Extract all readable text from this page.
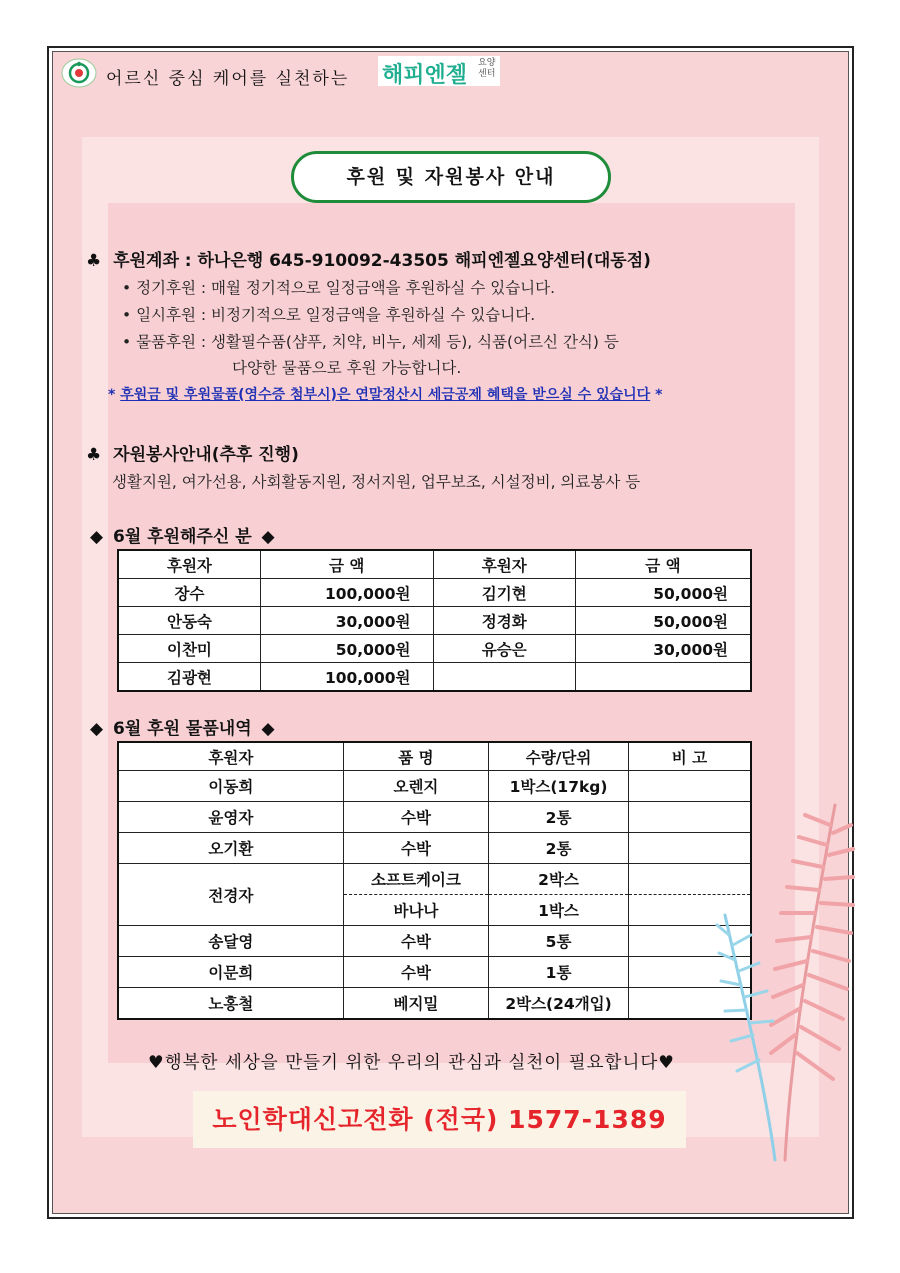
어르신 중심 케어를 실천하는 해피엔젤 요양 센터
후원 및 자원봉사 안내
♣ 후원계좌 : 하나은행 645-910092-43505 해피엔젤요양센터(대동점)
• 정기후원 : 매월 정기적으로 일정금액을 후원하실 수 있습니다.
• 일시후원 : 비정기적으로 일정금액을 후원하실 수 있습니다.
• 물품후원 : 생활필수품(샴푸, 치약, 비누, 세제 등), 식품(어르신 간식) 등
다양한 물품으로 후원 가능합니다.
* 후원금 및 후원물품(영수증 첨부시)은 연말정산시 세금공제 혜택을 받으실 수 있습니다 *
♣ 자원봉사안내(추후 진행)
생활지원, 여가선용, 사회활동지원, 정서지원, 업무보조, 시설정비, 의료봉사 등
◆ 6월 후원해주신 분 ◆
후원자	금 액	후원자	금 액
장수	100,000원	김기현	50,000원
안동숙	30,000원	정경화	50,000원
이찬미	50,000원	유승은	30,000원
김광현	100,000원		
◆ 6월 후원 물품내역 ◆
후원자	품 명	수량/단위	비 고
이동희	오렌지	1박스(17kg)	
윤영자	수박	2통	
오기환	수박	2통	
전경자	소프트케이크	2박스	
	바나나	1박스	
송달영	수박	5통	
이문희	수박	1통	
노홍철	베지밀	2박스(24개입)	
♥행복한 세상을 만들기 위한 우리의 관심과 실천이 필요합니다♥
노인학대신고전화 (전국) 1577-1389
